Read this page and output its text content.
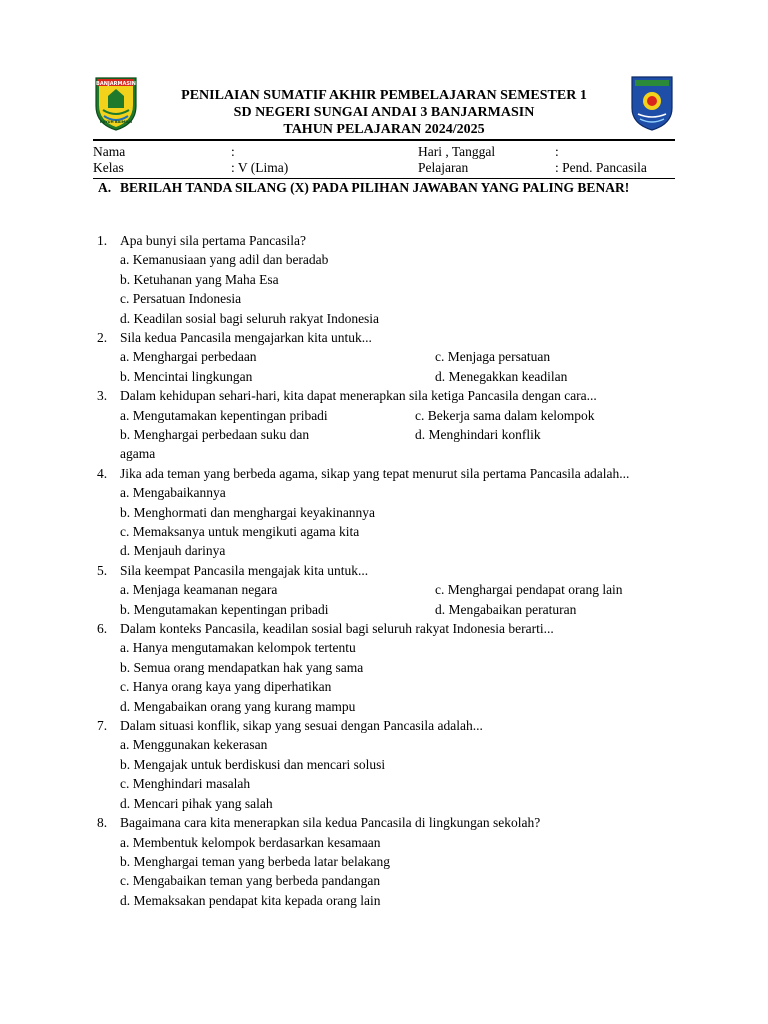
BANJARMASIN
KAYUH BAIMBAI
PENILAIAN SUMATIF AKHIR PEMBELAJARAN SEMESTER 1
SD NEGERI SUNGAI ANDAI 3 BANJARMASIN
TAHUN PELAJARAN 2024/2025
Nama	:	Hari , Tanggal	:
Kelas	: V (Lima)	Pelajaran	: Pend. Pancasila
A. BERILAH TANDA SILANG (X) PADA PILIHAN JAWABAN YANG PALING BENAR!
1. Apa bunyi sila pertama Pancasila?
a. Kemanusiaan yang adil dan beradab
b. Ketuhanan yang Maha Esa
c. Persatuan Indonesia
d. Keadilan sosial bagi seluruh rakyat Indonesia
2. Sila kedua Pancasila mengajarkan kita untuk...
a. Menghargai perbedaan	c. Menjaga persatuan
b. Mencintai lingkungan	d. Menegakkan keadilan
3. Dalam kehidupan sehari-hari, kita dapat menerapkan sila ketiga Pancasila dengan cara...
a. Mengutamakan kepentingan pribadi	c. Bekerja sama dalam kelompok
b. Menghargai perbedaan suku dan	d. Menghindari konflik
agama
4. Jika ada teman yang berbeda agama, sikap yang tepat menurut sila pertama Pancasila adalah...
a. Mengabaikannya
b. Menghormati dan menghargai keyakinannya
c. Memaksanya untuk mengikuti agama kita
d. Menjauh darinya
5. Sila keempat Pancasila mengajak kita untuk...
a. Menjaga keamanan negara	c. Menghargai pendapat orang lain
b. Mengutamakan kepentingan pribadi	d. Mengabaikan peraturan
6. Dalam konteks Pancasila, keadilan sosial bagi seluruh rakyat Indonesia berarti...
a. Hanya mengutamakan kelompok tertentu
b. Semua orang mendapatkan hak yang sama
c. Hanya orang kaya yang diperhatikan
d. Mengabaikan orang yang kurang mampu
7. Dalam situasi konflik, sikap yang sesuai dengan Pancasila adalah...
a. Menggunakan kekerasan
b. Mengajak untuk berdiskusi dan mencari solusi
c. Menghindari masalah
d. Mencari pihak yang salah
8. Bagaimana cara kita menerapkan sila kedua Pancasila di lingkungan sekolah?
a. Membentuk kelompok berdasarkan kesamaan
b. Menghargai teman yang berbeda latar belakang
c. Mengabaikan teman yang berbeda pandangan
d. Memaksakan pendapat kita kepada orang lain
